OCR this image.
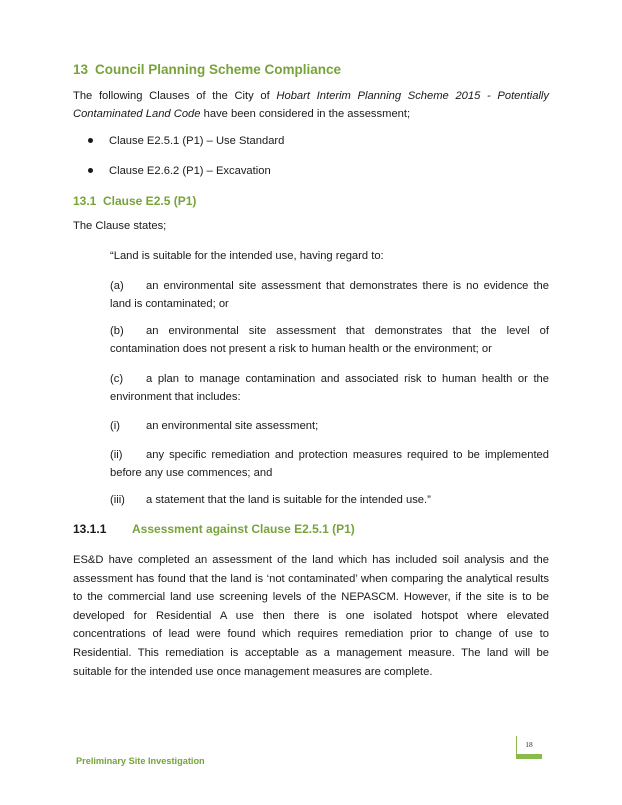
13 Council Planning Scheme Compliance

The following Clauses of the City of Hobart Interim Planning Scheme 2015 - Potentially Contaminated Land Code have been considered in the assessment;

Clause E2.5.1 (P1) – Use Standard
Clause E2.6.2 (P1) – Excavation
13.1 Clause E2.5 (P1)

The Clause states;

“Land is suitable for the intended use, having regard to:

(a) an environmental site assessment that demonstrates there is no evidence the land is contaminated; or

(b) an environmental site assessment that demonstrates that the level of contamination does not present a risk to human health or the environment; or

(c) a plan to manage contamination and associated risk to human health or the environment that includes:

(i) an environmental site assessment;

(ii) any specific remediation and protection measures required to be implemented before any use commences; and

(iii) a statement that the land is suitable for the intended use.”

13.1.1 Assessment against Clause E2.5.1 (P1)

ES&D have completed an assessment of the land which has included soil analysis and the assessment has found that the land is ‘not contaminated’ when comparing the analytical results to the commercial land use screening levels of the NEPASCM. However, if the site is to be developed for Residential A use then there is one isolated hotspot where elevated concentrations of lead were found which requires remediation prior to change of use to Residential. This remediation is acceptable as a management measure. The land will be suitable for the intended use once management measures are complete.

18
Preliminary Site Investigation
